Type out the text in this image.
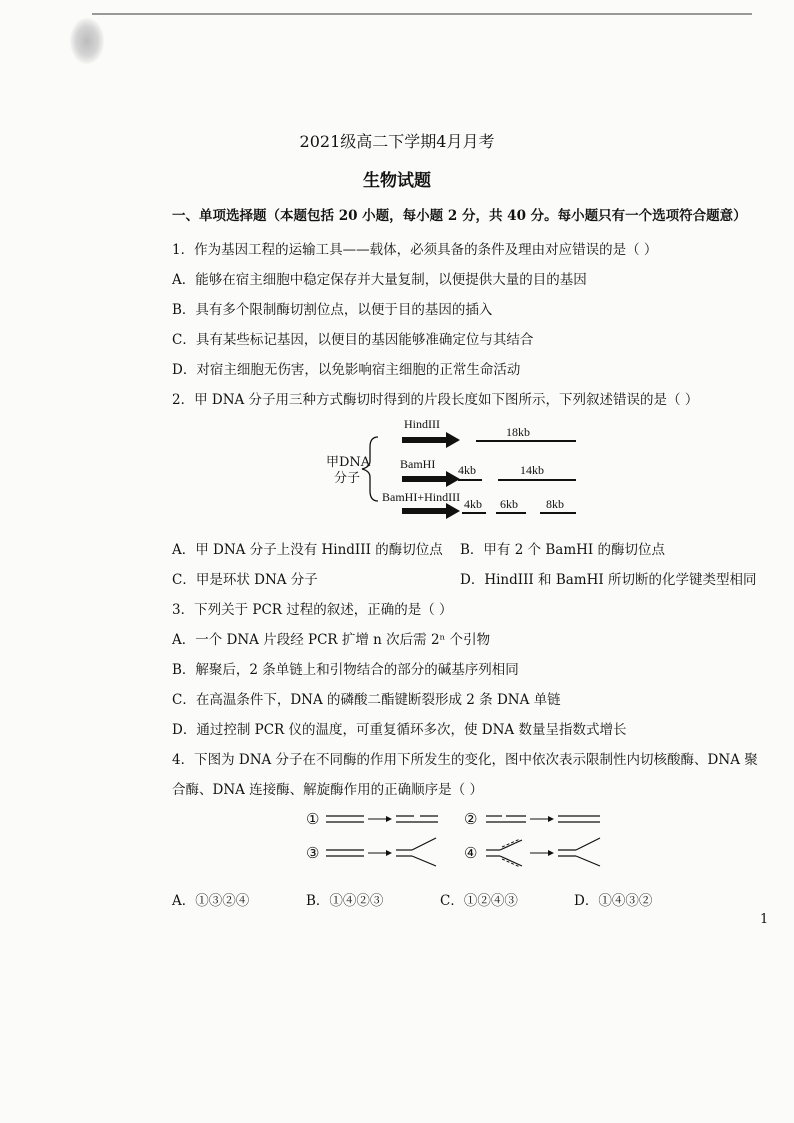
2021级高二下学期4月月考
生物试题
一、单项选择题（本题包括 20 小题，每小题 2 分，共 40 分。每小题只有一个选项符合题意）
1．作为基因工程的运输工具——载体，必须具备的条件及理由对应错误的是（ ）
A．能够在宿主细胞中稳定保存并大量复制，以便提供大量的目的基因
B．具有多个限制酶切割位点，以便于目的基因的插入
C．具有某些标记基因，以便目的基因能够准确定位与其结合
D．对宿主细胞无伤害，以免影响宿主细胞的正常生命活动
2．甲 DNA 分子用三种方式酶切时得到的片段长度如下图所示，下列叙述错误的是（ ）
甲DNA
分子
HindIII
BamHI
BamHI+HindIII
18kb
4kb	14kb
4kb 6kb 8kb
A．甲 DNA 分子上没有 HindIII 的酶切位点 B．甲有 2 个 BamHI 的酶切位点
C．甲是环状 DNA 分子	D．HindIII 和 BamHI 所切断的化学键类型相同
3．下列关于 PCR 过程的叙述，正确的是（ ）
A．一个 DNA 片段经 PCR 扩增 n 次后需 2ⁿ 个引物
B．解聚后，2 条单链上和引物结合的部分的碱基序列相同
C．在高温条件下，DNA 的磷酸二酯键断裂形成 2 条 DNA 单链
D．通过控制 PCR 仪的温度，可重复循环多次，使 DNA 数量呈指数式增长
4．下图为 DNA 分子在不同酶的作用下所发生的变化，图中依次表示限制性内切核酸酶、DNA 聚
合酶、DNA 连接酶、解旋酶作用的正确顺序是（ ）
①	②
③	④
A．①③②④	B．①④②③	C．①②④③	D．①④③②
1
